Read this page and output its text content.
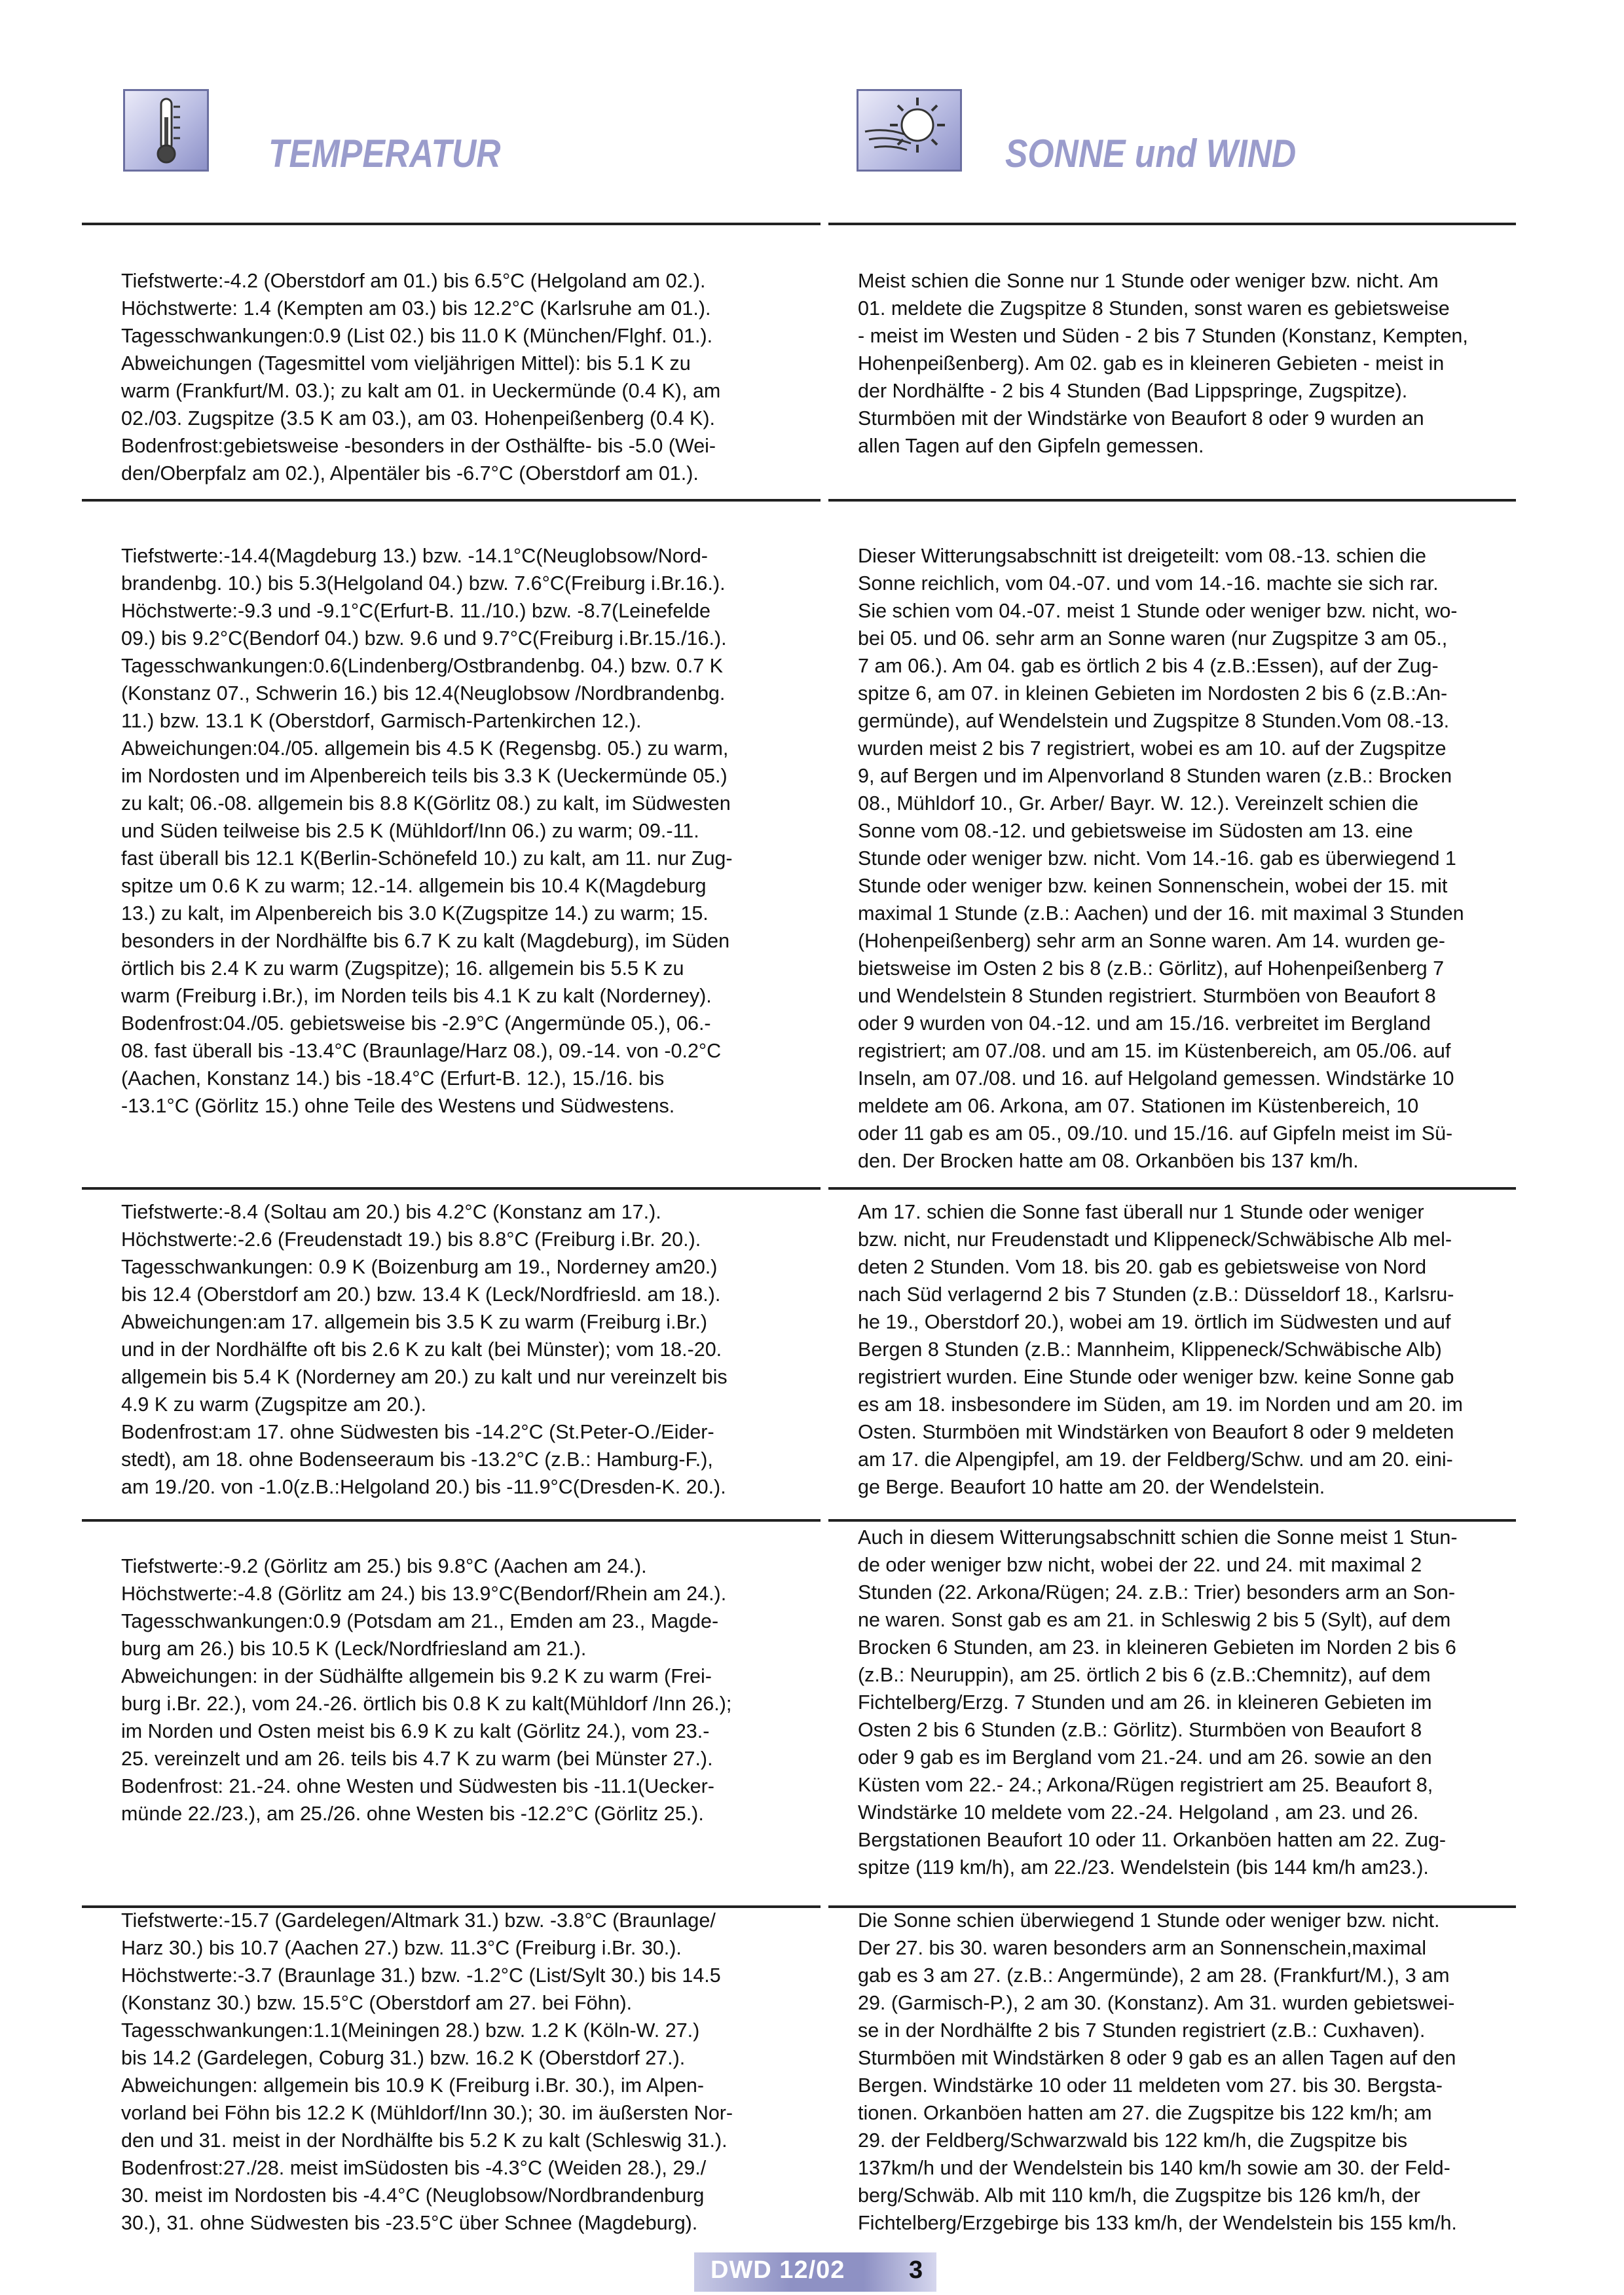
TEMPERATUR	SONNE und WIND
Tiefstwerte:-4.2 (Oberstdorf am 01.) bis 6.5°C (Helgoland am 02.).
Höchstwerte: 1.4 (Kempten am 03.) bis 12.2°C (Karlsruhe am 01.).
Tagesschwankungen:0.9 (List 02.) bis 11.0 K (München/Flghf. 01.).
Abweichungen (Tagesmittel vom vieljährigen Mittel): bis 5.1 K zu
warm (Frankfurt/M. 03.); zu kalt am 01. in Ueckermünde (0.4 K), am
02./03. Zugspitze (3.5 K am 03.), am 03. Hohenpeißenberg (0.4 K).
Bodenfrost:gebietsweise -besonders in der Osthälfte- bis -5.0 (Wei-
den/Oberpfalz am 02.), Alpentäler bis -6.7°C (Oberstdorf am 01.).
Meist schien die Sonne nur 1 Stunde oder weniger bzw. nicht. Am
01. meldete die Zugspitze 8 Stunden, sonst waren es gebietsweise
- meist im Westen und Süden - 2 bis 7 Stunden (Konstanz, Kempten,
Hohenpeißenberg). Am 02. gab es in kleineren Gebieten - meist in
der Nordhälfte - 2 bis 4 Stunden (Bad Lippspringe, Zugspitze).
Sturmböen mit der Windstärke von Beaufort 8 oder 9 wurden an
allen Tagen auf den Gipfeln gemessen.
Tiefstwerte:-14.4(Magdeburg 13.) bzw. -14.1°C(Neuglobsow/Nord-
brandenbg. 10.) bis 5.3(Helgoland 04.) bzw. 7.6°C(Freiburg i.Br.16.).
Höchstwerte:-9.3 und -9.1°C(Erfurt-B. 11./10.) bzw. -8.7(Leinefelde
09.) bis 9.2°C(Bendorf 04.) bzw. 9.6 und 9.7°C(Freiburg i.Br.15./16.).
Tagesschwankungen:0.6(Lindenberg/Ostbrandenbg. 04.) bzw. 0.7 K
(Konstanz 07., Schwerin 16.) bis 12.4(Neuglobsow /Nordbrandenbg.
11.) bzw. 13.1 K (Oberstdorf, Garmisch-Partenkirchen 12.).
Abweichungen:04./05. allgemein bis 4.5 K (Regensbg. 05.) zu warm,
im Nordosten und im Alpenbereich teils bis 3.3 K (Ueckermünde 05.)
zu kalt; 06.-08. allgemein bis 8.8 K(Görlitz 08.) zu kalt, im Südwesten
und Süden teilweise bis 2.5 K (Mühldorf/Inn 06.) zu warm; 09.-11.
fast überall bis 12.1 K(Berlin-Schönefeld 10.) zu kalt, am 11. nur Zug-
spitze um 0.6 K zu warm; 12.-14. allgemein bis 10.4 K(Magdeburg
13.) zu kalt, im Alpenbereich bis 3.0 K(Zugspitze 14.) zu warm; 15.
besonders in der Nordhälfte bis 6.7 K zu kalt (Magdeburg), im Süden
örtlich bis 2.4 K zu warm (Zugspitze); 16. allgemein bis 5.5 K zu
warm (Freiburg i.Br.), im Norden teils bis 4.1 K zu kalt (Norderney).
Bodenfrost:04./05. gebietsweise bis -2.9°C (Angermünde 05.), 06.-
08. fast überall bis -13.4°C (Braunlage/Harz 08.), 09.-14. von -0.2°C
(Aachen, Konstanz 14.) bis -18.4°C (Erfurt-B. 12.), 15./16. bis
-13.1°C (Görlitz 15.) ohne Teile des Westens und Südwestens.
Dieser Witterungsabschnitt ist dreigeteilt: vom 08.-13. schien die
Sonne reichlich, vom 04.-07. und vom 14.-16. machte sie sich rar.
Sie schien vom 04.-07. meist 1 Stunde oder weniger bzw. nicht, wo-
bei 05. und 06. sehr arm an Sonne waren (nur Zugspitze 3 am 05.,
7 am 06.). Am 04. gab es örtlich 2 bis 4 (z.B.:Essen), auf der Zug-
spitze 6, am 07. in kleinen Gebieten im Nordosten 2 bis 6 (z.B.:An-
germünde), auf Wendelstein und Zugspitze 8 Stunden.Vom 08.-13.
wurden meist 2 bis 7 registriert, wobei es am 10. auf der Zugspitze
9, auf Bergen und im Alpenvorland 8 Stunden waren (z.B.: Brocken
08., Mühldorf 10., Gr. Arber/ Bayr. W. 12.). Vereinzelt schien die
Sonne vom 08.-12. und gebietsweise im Südosten am 13. eine
Stunde oder weniger bzw. nicht. Vom 14.-16. gab es überwiegend 1
Stunde oder weniger bzw. keinen Sonnenschein, wobei der 15. mit
maximal 1 Stunde (z.B.: Aachen) und der 16. mit maximal 3 Stunden
(Hohenpeißenberg) sehr arm an Sonne waren. Am 14. wurden ge-
bietsweise im Osten 2 bis 8 (z.B.: Görlitz), auf Hohenpeißenberg 7
und Wendelstein 8 Stunden registriert. Sturmböen von Beaufort 8
oder 9 wurden von 04.-12. und am 15./16. verbreitet im Bergland
registriert; am 07./08. und am 15. im Küstenbereich, am 05./06. auf
Inseln, am 07./08. und 16. auf Helgoland gemessen. Windstärke 10
meldete am 06. Arkona, am 07. Stationen im Küstenbereich, 10
oder 11 gab es am 05., 09./10. und 15./16. auf Gipfeln meist im Sü-
den. Der Brocken hatte am 08. Orkanböen bis 137 km/h.
Tiefstwerte:-8.4 (Soltau am 20.) bis 4.2°C (Konstanz am 17.).
Höchstwerte:-2.6 (Freudenstadt 19.) bis 8.8°C (Freiburg i.Br. 20.).
Tagesschwankungen: 0.9 K (Boizenburg am 19., Norderney am20.)
bis 12.4 (Oberstdorf am 20.) bzw. 13.4 K (Leck/Nordfriesld. am 18.).
Abweichungen:am 17. allgemein bis 3.5 K zu warm (Freiburg i.Br.)
und in der Nordhälfte oft bis 2.6 K zu kalt (bei Münster); vom 18.-20.
allgemein bis 5.4 K (Norderney am 20.) zu kalt und nur vereinzelt bis
4.9 K zu warm (Zugspitze am 20.).
Bodenfrost:am 17. ohne Südwesten bis -14.2°C (St.Peter-O./Eider-
stedt), am 18. ohne Bodenseeraum bis -13.2°C (z.B.: Hamburg-F.),
am 19./20. von -1.0(z.B.:Helgoland 20.) bis -11.9°C(Dresden-K. 20.).
Am 17. schien die Sonne fast überall nur 1 Stunde oder weniger
bzw. nicht, nur Freudenstadt und Klippeneck/Schwäbische Alb mel-
deten 2 Stunden. Vom 18. bis 20. gab es gebietsweise von Nord
nach Süd verlagernd 2 bis 7 Stunden (z.B.: Düsseldorf 18., Karlsru-
he 19., Oberstdorf 20.), wobei am 19. örtlich im Südwesten und auf
Bergen 8 Stunden (z.B.: Mannheim, Klippeneck/Schwäbische Alb)
registriert wurden. Eine Stunde oder weniger bzw. keine Sonne gab
es am 18. insbesondere im Süden, am 19. im Norden und am 20. im
Osten. Sturmböen mit Windstärken von Beaufort 8 oder 9 meldeten
am 17. die Alpengipfel, am 19. der Feldberg/Schw. und am 20. eini-
ge Berge. Beaufort 10 hatte am 20. der Wendelstein.
Tiefstwerte:-9.2 (Görlitz am 25.) bis 9.8°C (Aachen am 24.).
Höchstwerte:-4.8 (Görlitz am 24.) bis 13.9°C(Bendorf/Rhein am 24.).
Tagesschwankungen:0.9 (Potsdam am 21., Emden am 23., Magde-
burg am 26.) bis 10.5 K (Leck/Nordfriesland am 21.).
Abweichungen: in der Südhälfte allgemein bis 9.2 K zu warm (Frei-
burg i.Br. 22.), vom 24.-26. örtlich bis 0.8 K zu kalt(Mühldorf /Inn 26.);
im Norden und Osten meist bis 6.9 K zu kalt (Görlitz 24.), vom 23.-
25. vereinzelt und am 26. teils bis 4.7 K zu warm (bei Münster 27.).
Bodenfrost: 21.-24. ohne Westen und Südwesten bis -11.1(Uecker-
münde 22./23.), am 25./26. ohne Westen bis -12.2°C (Görlitz 25.).
Auch in diesem Witterungsabschnitt schien die Sonne meist 1 Stun-
de oder weniger bzw nicht, wobei der 22. und 24. mit maximal 2
Stunden (22. Arkona/Rügen; 24. z.B.: Trier) besonders arm an Son-
ne waren. Sonst gab es am 21. in Schleswig 2 bis 5 (Sylt), auf dem
Brocken 6 Stunden, am 23. in kleineren Gebieten im Norden 2 bis 6
(z.B.: Neuruppin), am 25. örtlich 2 bis 6 (z.B.:Chemnitz), auf dem
Fichtelberg/Erzg. 7 Stunden und am 26. in kleineren Gebieten im
Osten 2 bis 6 Stunden (z.B.: Görlitz). Sturmböen von Beaufort 8
oder 9 gab es im Bergland vom 21.-24. und am 26. sowie an den
Küsten vom 22.- 24.; Arkona/Rügen registriert am 25. Beaufort 8,
Windstärke 10 meldete vom 22.-24. Helgoland , am 23. und 26.
Bergstationen Beaufort 10 oder 11. Orkanböen hatten am 22. Zug-
spitze (119 km/h), am 22./23. Wendelstein (bis 144 km/h am23.).
Tiefstwerte:-15.7 (Gardelegen/Altmark 31.) bzw. -3.8°C (Braunlage/
Harz 30.) bis 10.7 (Aachen 27.) bzw. 11.3°C (Freiburg i.Br. 30.).
Höchstwerte:-3.7 (Braunlage 31.) bzw. -1.2°C (List/Sylt 30.) bis 14.5
(Konstanz 30.) bzw. 15.5°C (Oberstdorf am 27. bei Föhn).
Tagesschwankungen:1.1(Meiningen 28.) bzw. 1.2 K (Köln-W. 27.)
bis 14.2 (Gardelegen, Coburg 31.) bzw. 16.2 K (Oberstdorf 27.).
Abweichungen: allgemein bis 10.9 K (Freiburg i.Br. 30.), im Alpen-
vorland bei Föhn bis 12.2 K (Mühldorf/Inn 30.); 30. im äußersten Nor-
den und 31. meist in der Nordhälfte bis 5.2 K zu kalt (Schleswig 31.).
Bodenfrost:27./28. meist imSüdosten bis -4.3°C (Weiden 28.), 29./
30. meist im Nordosten bis -4.4°C (Neuglobsow/Nordbrandenburg
30.), 31. ohne Südwesten bis -23.5°C über Schnee (Magdeburg).
Die Sonne schien überwiegend 1 Stunde oder weniger bzw. nicht.
Der 27. bis 30. waren besonders arm an Sonnenschein,maximal
gab es 3 am 27. (z.B.: Angermünde), 2 am 28. (Frankfurt/M.), 3 am
29. (Garmisch-P.), 2 am 30. (Konstanz). Am 31. wurden gebietswei-
se in der Nordhälfte 2 bis 7 Stunden registriert (z.B.: Cuxhaven).
Sturmböen mit Windstärken 8 oder 9 gab es an allen Tagen auf den
Bergen. Windstärke 10 oder 11 meldeten vom 27. bis 30. Bergsta-
tionen. Orkanböen hatten am 27. die Zugspitze bis 122 km/h; am
29. der Feldberg/Schwarzwald bis 122 km/h, die Zugspitze bis
137km/h und der Wendelstein bis 140 km/h sowie am 30. der Feld-
berg/Schwäb. Alb mit 110 km/h, die Zugspitze bis 126 km/h, der
Fichtelberg/Erzgebirge bis 133 km/h, der Wendelstein bis 155 km/h.
DWD 12/02	3
